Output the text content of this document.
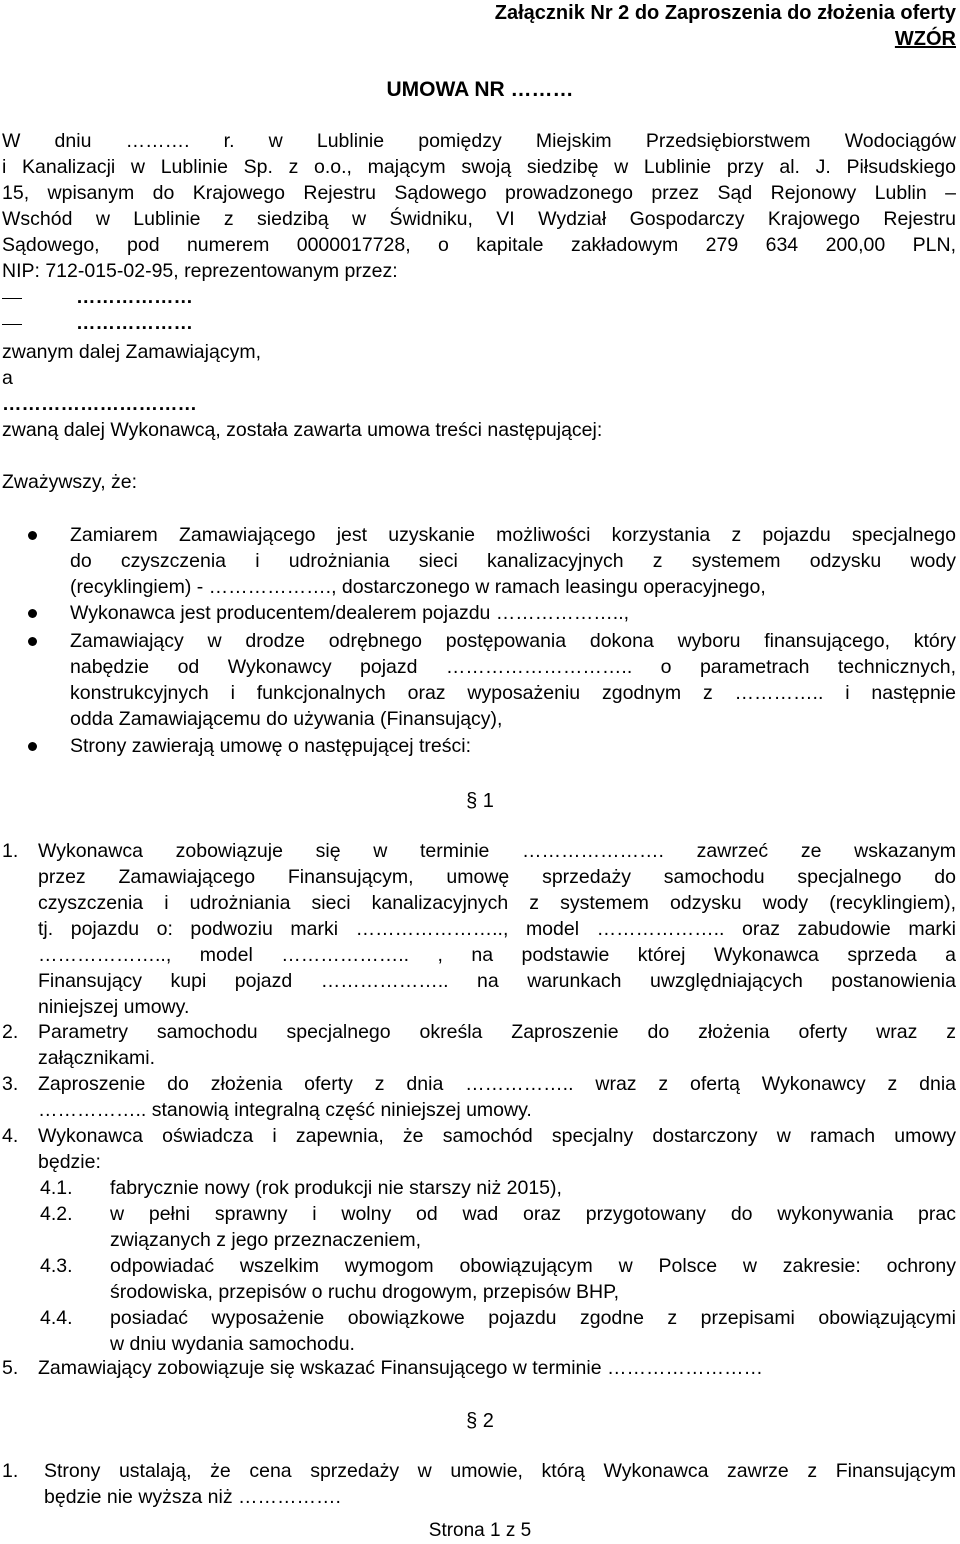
Załącznik Nr 2 do Zaproszenia do złożenia oferty
WZÓR
UMOWA NR ………
W dniu ………. r. w Lublinie pomiędzy Miejskim Przedsiębiorstwem Wodociągów
i Kanalizacji w Lublinie Sp. z o.o., mającym swoją siedzibę w Lublinie przy al. J. Piłsudskiego
15, wpisanym do Krajowego Rejestru Sądowego prowadzonego przez Sąd Rejonowy Lublin –
Wschód w Lublinie z siedzibą w Świdniku, VI Wydział Gospodarczy Krajowego Rejestru
Sądowego, pod numerem 0000017728, o kapitale zakładowym 279 634 200,00 PLN,
NIP: 712-015-02-95, reprezentowanym przez:
………………
………………
zwanym dalej Zamawiającym,
a
…………………………
zwaną dalej Wykonawcą, została zawarta umowa treści następującej:
Zważywszy, że:
Zamiarem Zamawiającego jest uzyskanie możliwości korzystania z pojazdu specjalnego
do czyszczenia i udrożniania sieci kanalizacyjnych z systemem odzysku wody
(recyklingiem) - ………………., dostarczonego w ramach leasingu operacyjnego,
Wykonawca jest producentem/dealerem pojazdu ………………..,
Zamawiający w drodze odrębnego postępowania dokona wyboru finansującego, który
nabędzie od Wykonawcy pojazd ……………………….. o parametrach technicznych,
konstrukcyjnych i funkcjonalnych oraz wyposażeniu zgodnym z ………….. i następnie
odda Zamawiającemu do używania (Finansujący),
Strony zawierają umowę o następującej treści:
§ 1
1. Wykonawca zobowiązuje się w terminie …………………. zawrzeć ze wskazanym
przez Zamawiającego Finansującym, umowę sprzedaży samochodu specjalnego do
czyszczenia i udrożniania sieci kanalizacyjnych z systemem odzysku wody (recyklingiem),
tj. pojazdu o: podwoziu marki ………………….., model ……………….. oraz zabudowie marki
……………….., model ……………….. , na podstawie której Wykonawca sprzeda a
Finansujący kupi pojazd ……………….. na warunkach uwzględniających postanowienia
niniejszej umowy.
2. Parametry samochodu specjalnego określa Zaproszenie do złożenia oferty wraz z
załącznikami.
3. Zaproszenie do złożenia oferty z dnia …………….. wraz z ofertą Wykonawcy z dnia
…………….. stanowią integralną część niniejszej umowy.
4. Wykonawca oświadcza i zapewnia, że samochód specjalny dostarczony w ramach umowy
będzie:
4.1. fabrycznie nowy (rok produkcji nie starszy niż 2015),
4.2. w pełni sprawny i wolny od wad oraz przygotowany do wykonywania prac
związanych z jego przeznaczeniem,
4.3. odpowiadać wszelkim wymogom obowiązującym w Polsce w zakresie: ochrony
środowiska, przepisów o ruchu drogowym, przepisów BHP,
4.4. posiadać wyposażenie obowiązkowe pojazdu zgodne z przepisami obowiązującymi
w dniu wydania samochodu.
5. Zamawiający zobowiązuje się wskazać Finansującego w terminie ……………………
§ 2
1. Strony ustalają, że cena sprzedaży w umowie, którą Wykonawca zawrze z Finansującym
będzie nie wyższa niż …………….
Strona 1 z 5
